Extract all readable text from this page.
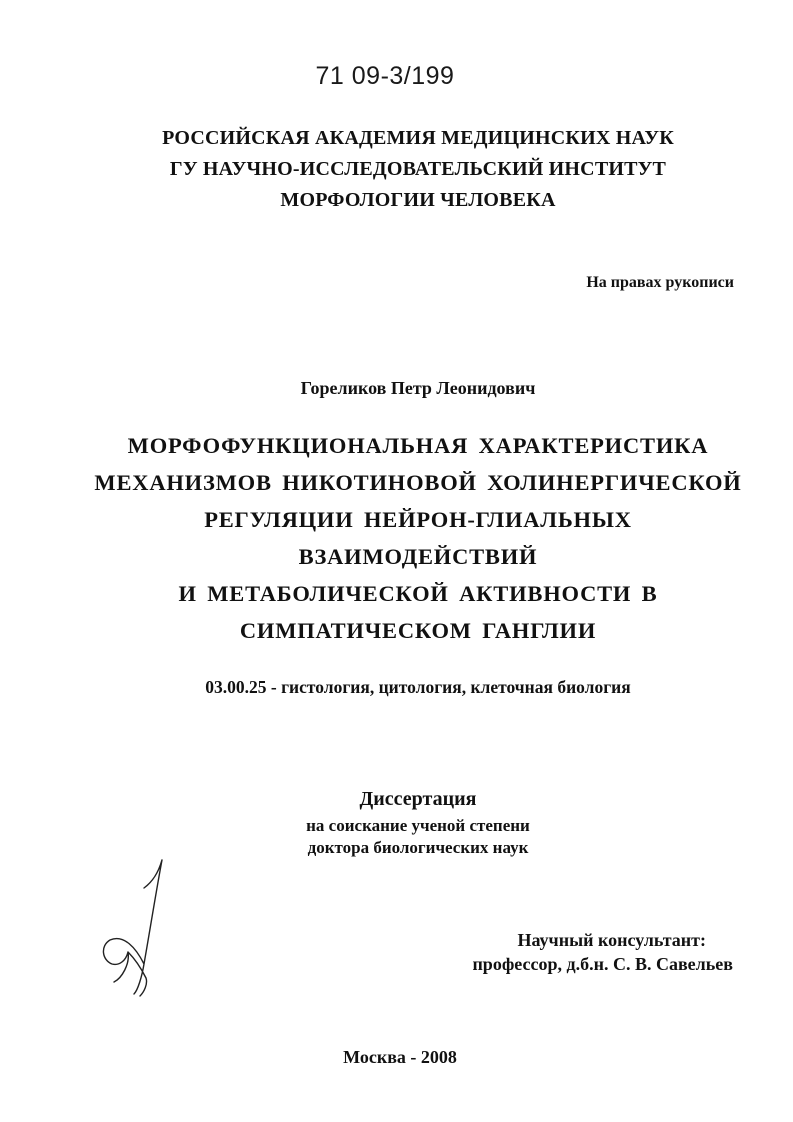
71 09-3/199
РОССИЙСКАЯ АКАДЕМИЯ МЕДИЦИНСКИХ НАУК
ГУ НАУЧНО-ИССЛЕДОВАТЕЛЬСКИЙ ИНСТИТУТ
МОРФОЛОГИИ ЧЕЛОВЕКА
На правах рукописи
Гореликов Петр Леонидович
МОРФОФУНКЦИОНАЛЬНАЯ ХАРАКТЕРИСТИКА
МЕХАНИЗМОВ НИКОТИНОВОЙ ХОЛИНЕРГИЧЕСКОЙ
РЕГУЛЯЦИИ НЕЙРОН-ГЛИАЛЬНЫХ ВЗАИМОДЕЙСТВИЙ
И МЕТАБОЛИЧЕСКОЙ АКТИВНОСТИ В
СИМПАТИЧЕСКОМ ГАНГЛИИ
03.00.25 - гистология, цитология, клеточная биология
Диссертация
на соискание ученой степени
доктора биологических наук
Научный консультант:
профессор, д.б.н. С. В. Савельев
Москва - 2008
